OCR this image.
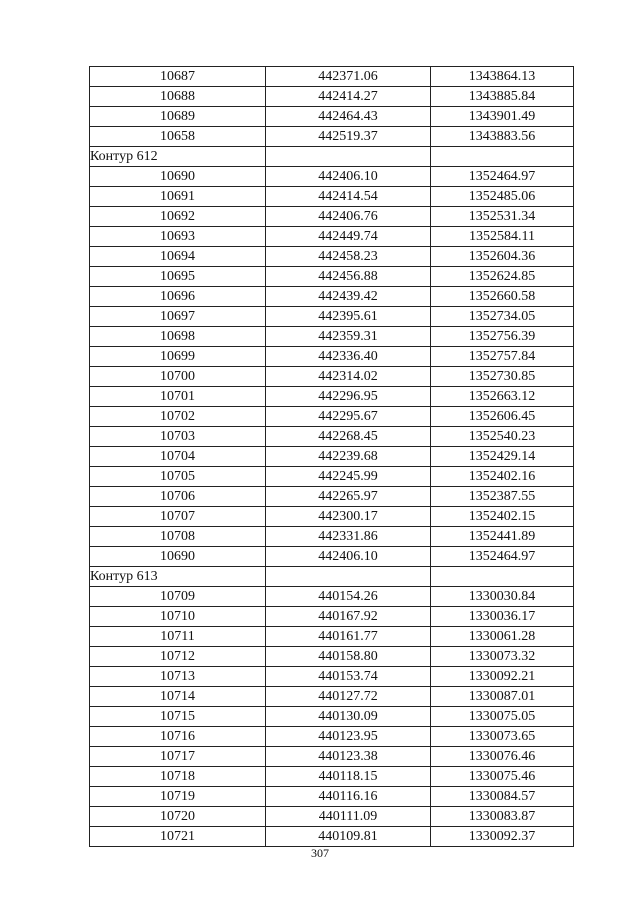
10687	442371.06	1343864.13
10688	442414.27	1343885.84
10689	442464.43	1343901.49
10658	442519.37	1343883.56
Контур 612		
10690	442406.10	1352464.97
10691	442414.54	1352485.06
10692	442406.76	1352531.34
10693	442449.74	1352584.11
10694	442458.23	1352604.36
10695	442456.88	1352624.85
10696	442439.42	1352660.58
10697	442395.61	1352734.05
10698	442359.31	1352756.39
10699	442336.40	1352757.84
10700	442314.02	1352730.85
10701	442296.95	1352663.12
10702	442295.67	1352606.45
10703	442268.45	1352540.23
10704	442239.68	1352429.14
10705	442245.99	1352402.16
10706	442265.97	1352387.55
10707	442300.17	1352402.15
10708	442331.86	1352441.89
10690	442406.10	1352464.97
Контур 613		
10709	440154.26	1330030.84
10710	440167.92	1330036.17
10711	440161.77	1330061.28
10712	440158.80	1330073.32
10713	440153.74	1330092.21
10714	440127.72	1330087.01
10715	440130.09	1330075.05
10716	440123.95	1330073.65
10717	440123.38	1330076.46
10718	440118.15	1330075.46
10719	440116.16	1330084.57
10720	440111.09	1330083.87
10721	440109.81	1330092.37
307
